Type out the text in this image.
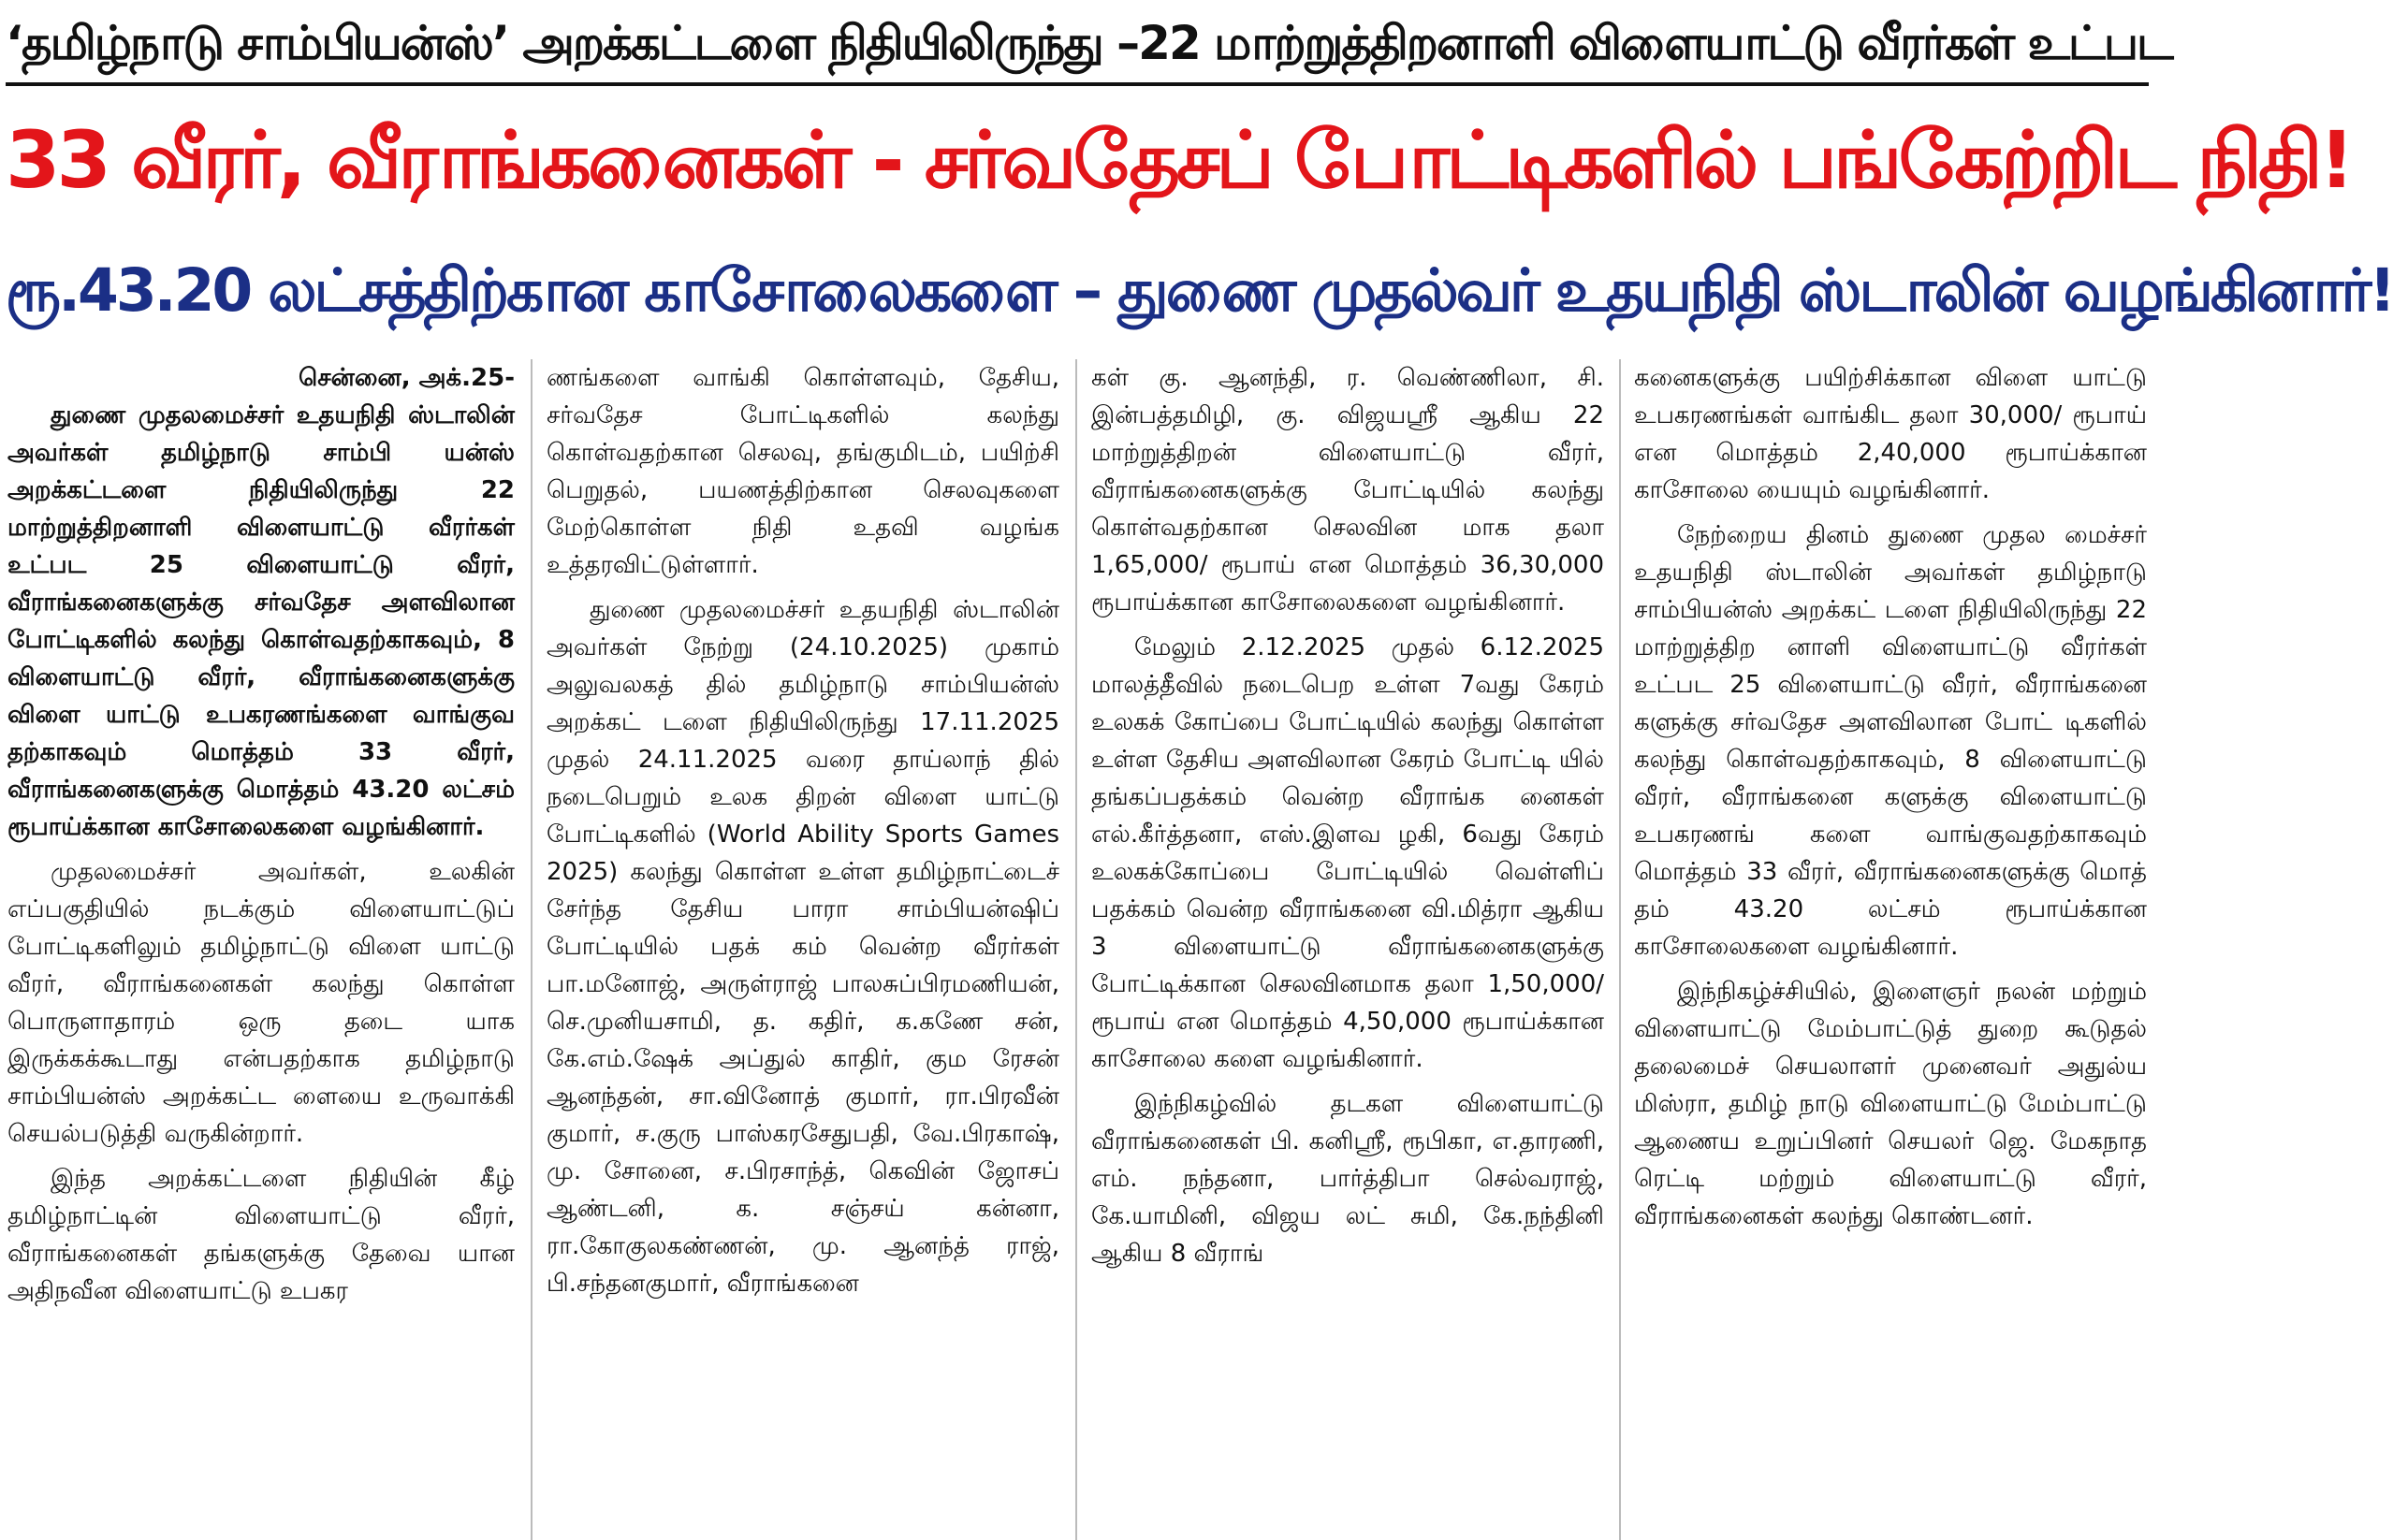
‘தமிழ்நாடு சாம்பியன்ஸ்’ அறக்கட்டளை நிதியிலிருந்து –22 மாற்றுத்திறனாளி விளையாட்டு வீரர்கள் உட்பட
33 வீரர், வீராங்கனைகள் - சர்வதேசப் போட்டிகளில் பங்கேற்றிட நிதி!
ரூ.43.20 லட்சத்திற்கான காசோலைகளை – துணை முதல்வர் உதயநிதி ஸ்டாலின் வழங்கினார்!

சென்னை, அக்.25-

துணை முதலமைச்சர் உதயநிதி ஸ்டாலின் அவர்கள் தமிழ்நாடு சாம்பி யன்ஸ் அறக்கட்டளை நிதியிலிருந்து 22 மாற்றுத்திறனாளி விளையாட்டு வீரர்கள் உட்பட 25 விளையாட்டு வீரர், வீராங்கனைகளுக்கு சர்வதேச அளவிலான போட்டிகளில் கலந்து கொள்வதற்காகவும், 8 விளையாட்டு வீரர், வீராங்கனைகளுக்கு விளை யாட்டு உபகரணங்களை வாங்குவ தற்காகவும் மொத்தம் 33 வீரர், வீராங்கனைகளுக்கு மொத்தம் 43.20 லட்சம் ரூபாய்க்கான காசோலைகளை வழங்கினார்.

முதலமைச்சர் அவர்கள், உலகின் எப்பகுதியில் நடக்கும் விளையாட்டுப் போட்டிகளிலும் தமிழ்நாட்டு விளை யாட்டு வீரர், வீராங்கனைகள் கலந்து கொள்ள பொருளாதாரம் ஒரு தடை யாக இருக்கக்கூடாது என்பதற்காக தமிழ்நாடு சாம்பியன்ஸ் அறக்கட்ட ளையை உருவாக்கி செயல்படுத்தி வருகின்றார்.

இந்த அறக்கட்டளை நிதியின் கீழ் தமிழ்நாட்டின் விளையாட்டு வீரர், வீராங்கனைகள் தங்களுக்கு தேவை யான அதிநவீன விளையாட்டு உபகர

ணங்களை வாங்கி கொள்ளவும், தேசிய, சர்வதேச போட்டிகளில் கலந்து கொள்வதற்கான செலவு, தங்குமிடம், பயிற்சி பெறுதல், பயணத்திற்கான செலவுகளை மேற்கொள்ள நிதி உதவி வழங்க உத்தரவிட்டுள்ளார்.

துணை முதலமைச்சர் உதயநிதி ஸ்டாலின் அவர்கள் நேற்று (24.10.2025) முகாம் அலுவலகத் தில் தமிழ்நாடு சாம்பியன்ஸ் அறக்கட் டளை நிதியிலிருந்து 17.11.2025 முதல் 24.11.2025 வரை தாய்லாந் தில் நடைபெறும் உலக திறன் விளை யாட்டு போட்டிகளில் (World Ability Sports Games 2025) கலந்து கொள்ள உள்ள தமிழ்நாட்டைச் சேர்ந்த தேசிய பாரா சாம்பியன்ஷிப் போட்டியில் பதக் கம் வென்ற வீரர்கள் பா.மனோஜ், அருள்ராஜ் பாலசுப்பிரமணியன், செ.முனியசாமி, த. கதிர், க.கணே சன், கே.எம்.ஷேக் அப்துல் காதிர், கும ரேசன் ஆனந்தன், சா.வினோத் குமார், ரா.பிரவீன் குமார், ச.குரு பாஸ்கரசேதுபதி, வே.பிரகாஷ், மு. சோனை, ச.பிரசாந்த், கெவின் ஜோசப் ஆண்டனி, க. சஞ்சய் கன்னா, ரா.கோகுலகண்ணன், மு. ஆனந்த் ராஜ், பி.சந்தனகுமார், வீராங்கனை

கள் கு. ஆனந்தி, ர. வெண்ணிலா, சி. இன்பத்தமிழி, கு. விஜயஸ்ரீ ஆகிய 22 மாற்றுத்திறன் விளையாட்டு வீரர், வீராங்கனைகளுக்கு போட்டியில் கலந்து கொள்வதற்கான செலவின மாக தலா 1,65,000/ ரூபாய் என மொத்தம் 36,30,000 ரூபாய்க்கான காசோலைகளை வழங்கினார்.

மேலும் 2.12.2025 முதல் 6.12.2025 மாலத்தீவில் நடைபெற உள்ள 7வது கேரம் உலகக் கோப்பை போட்டியில் கலந்து கொள்ள உள்ள தேசிய அளவிலான கேரம் போட்டி யில் தங்கப்பதக்கம் வென்ற வீராங்க னைகள் எல்.கீர்த்தனா, எஸ்.இளவ ழகி, 6வது கேரம் உலகக்கோப்பை போட்டியில் வெள்ளிப் பதக்கம் வென்ற வீராங்கனை வி.மித்ரா ஆகிய 3 விளையாட்டு வீராங்கனைகளுக்கு போட்டிக்கான செலவினமாக தலா 1,50,000/ ரூபாய் என மொத்தம் 4,50,000 ரூபாய்க்கான காசோலை களை வழங்கினார்.

இந்நிகழ்வில் தடகள விளையாட்டு வீராங்கனைகள் பி. கனிஸ்ரீ, ரூபிகா, எ.தாரணி, எம். நந்தனா, பார்த்திபா செல்வராஜ், கே.யாமினி, விஜய லட் சுமி, கே.நந்தினி ஆகிய 8 வீராங்

கனைகளுக்கு பயிற்சிக்கான விளை யாட்டு உபகரணங்கள் வாங்கிட தலா 30,000/ ரூபாய் என மொத்தம் 2,40,000 ரூபாய்க்கான காசோலை யையும் வழங்கினார்.

நேற்றைய தினம் துணை முதல மைச்சர் உதயநிதி ஸ்டாலின் அவர்கள் தமிழ்நாடு சாம்பியன்ஸ் அறக்கட் டளை நிதியிலிருந்து 22 மாற்றுத்திற னாளி விளையாட்டு வீரர்கள் உட்பட 25 விளையாட்டு வீரர், வீராங்கனை களுக்கு சர்வதேச அளவிலான போட் டிகளில் கலந்து கொள்வதற்காகவும், 8 விளையாட்டு வீரர், வீராங்கனை களுக்கு விளையாட்டு உபகரணங் களை வாங்குவதற்காகவும் மொத்தம் 33 வீரர், வீராங்கனைகளுக்கு மொத் தம் 43.20 லட்சம் ரூபாய்க்கான காசோலைகளை வழங்கினார்.

இந்நிகழ்ச்சியில், இளைஞர் நலன் மற்றும் விளையாட்டு மேம்பாட்டுத் துறை கூடுதல் தலைமைச் செயலாளர் முனைவர் அதுல்ய மிஸ்ரா, தமிழ் நாடு விளையாட்டு மேம்பாட்டு ஆணைய உறுப்பினர் செயலர் ஜெ. மேகநாத ரெட்டி மற்றும் விளையாட்டு வீரர், வீராங்கனைகள் கலந்து கொண்டனர்.
